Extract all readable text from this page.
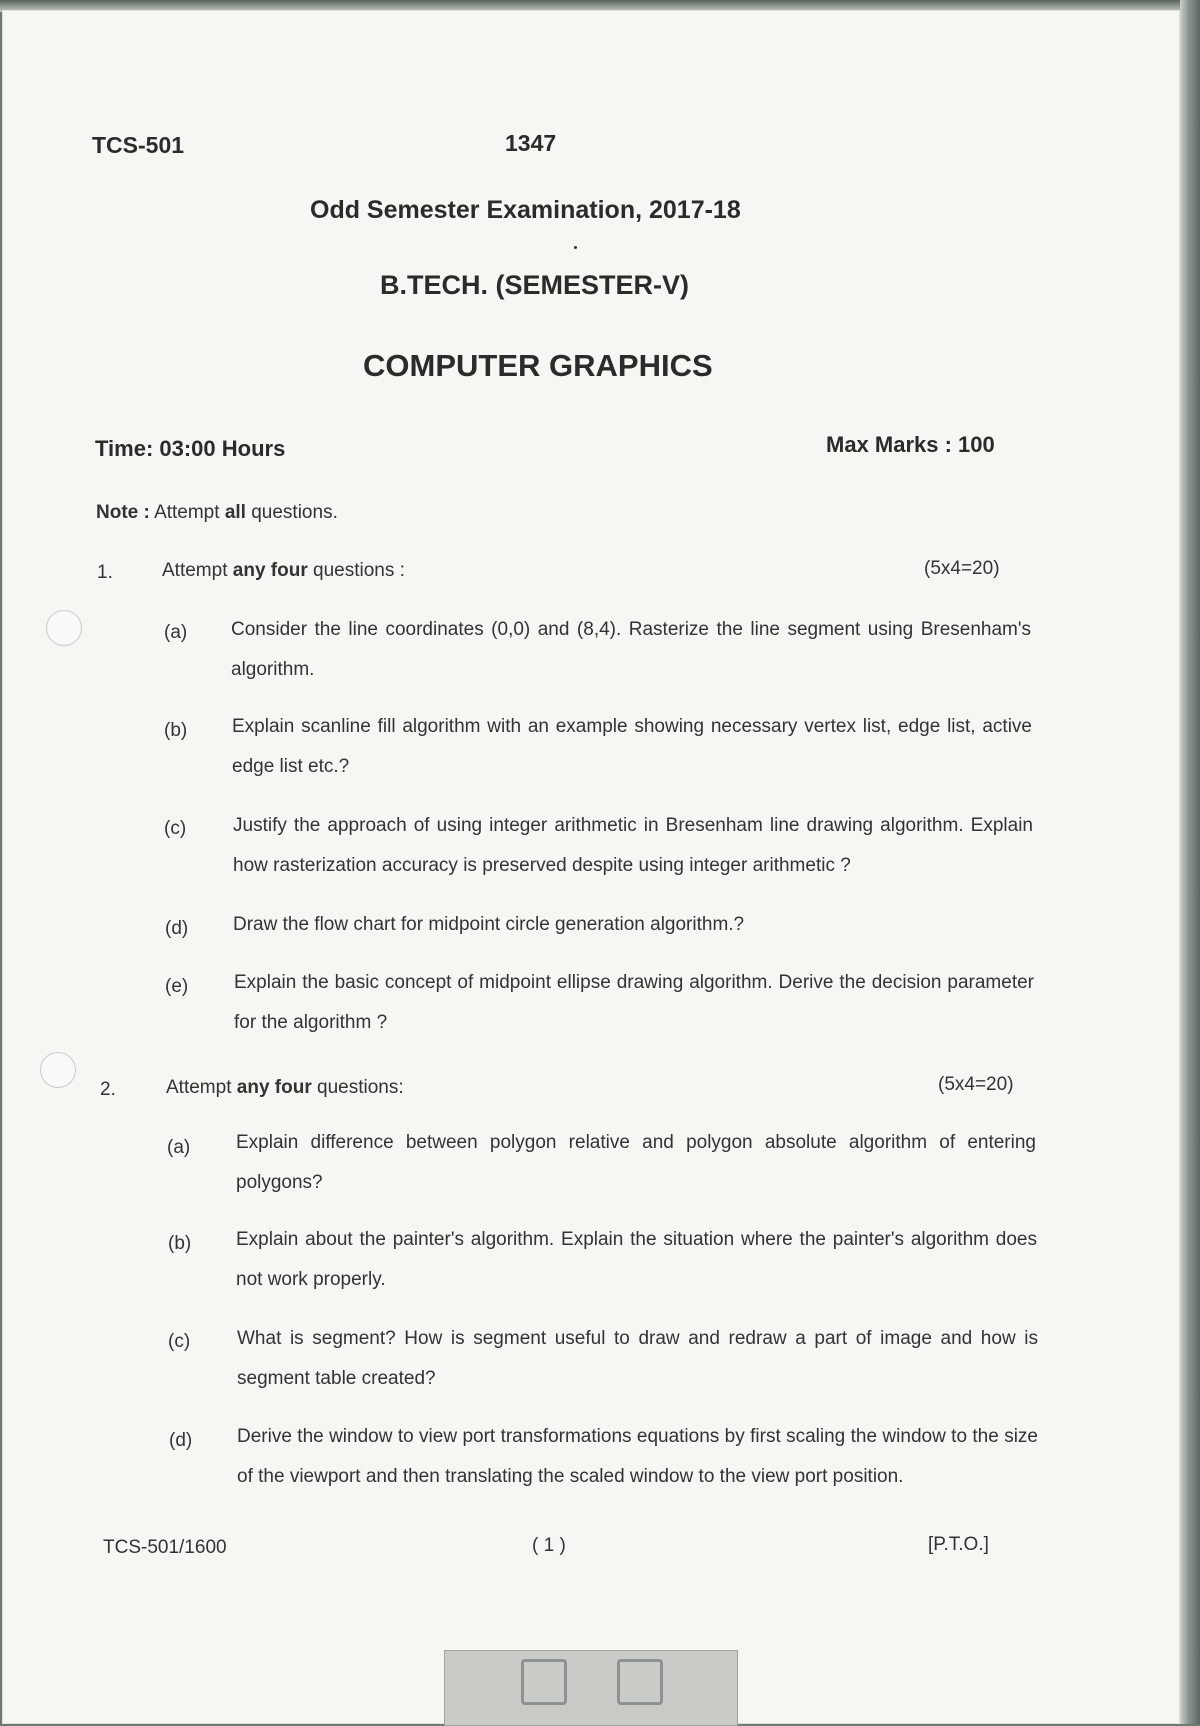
TCS-501	1347
Odd Semester Examination, 2017-18
B.TECH. (SEMESTER-V)
COMPUTER GRAPHICS
Time: 03:00 Hours	Max Marks : 100
Note : Attempt all questions.
1.	Attempt any four questions :	(5x4=20)
(a) Consider the line coordinates (0,0) and (8,4). Rasterize the line segment using Bresenham's algorithm.
(b) Explain scanline fill algorithm with an example showing necessary vertex list, edge list, active edge list etc.?
(c) Justify the approach of using integer arithmetic in Bresenham line drawing algorithm. Explain how rasterization accuracy is preserved despite using integer arithmetic ?
(d) Draw the flow chart for midpoint circle generation algorithm.?
(e) Explain the basic concept of midpoint ellipse drawing algorithm. Derive the decision parameter for the algorithm ?
2.	Attempt any four questions:	(5x4=20)
(a) Explain difference between polygon relative and polygon absolute algorithm of entering polygons?
(b) Explain about the painter's algorithm. Explain the situation where the painter's algorithm does not work properly.
(c) What is segment? How is segment useful to draw and redraw a part of image and how is segment table created?
(d) Derive the window to view port transformations equations by first scaling the window to the size of the viewport and then translating the scaled window to the view port position.
TCS-501/1600	( 1 )	[P.T.O.]
